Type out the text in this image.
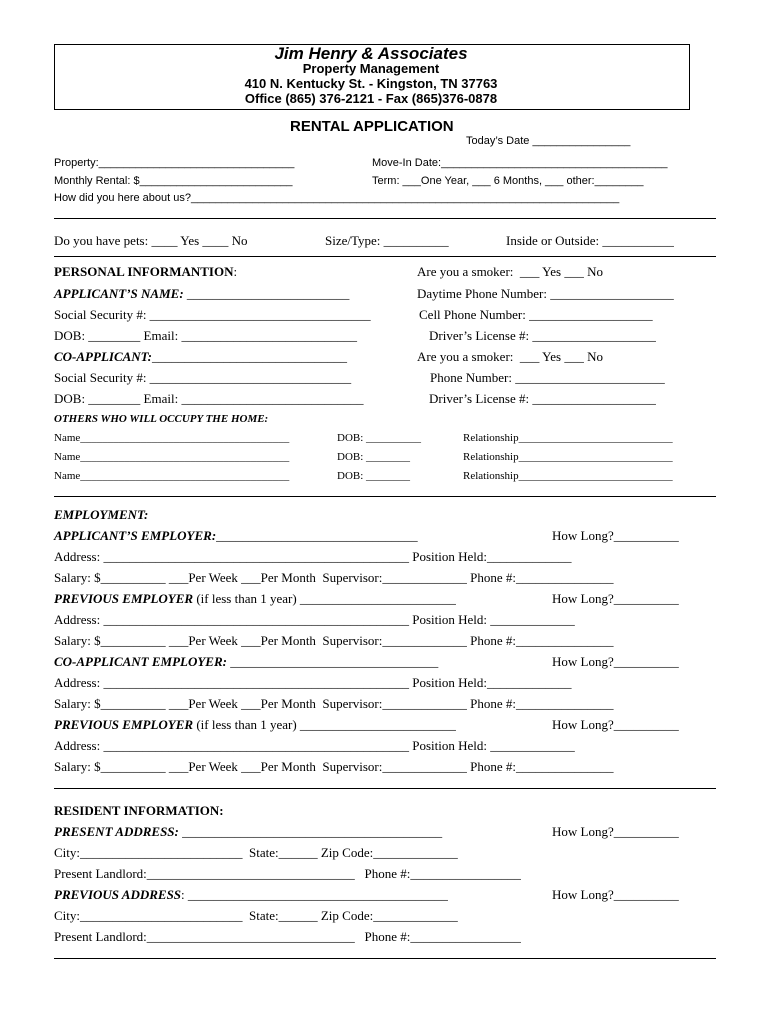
Jim Henry & Associates
Property Management
410 N. Kentucky St. - Kingston, TN 37763
Office (865) 376-2121 - Fax (865)376-0878
RENTAL APPLICATION
Today’s Date ________________
Property:________________________________	Move-In Date:_____________________________________
Monthly Rental: $_________________________	Term: ___One Year, ___ 6 Months, ___ other:________
How did you here about us?______________________________________________________________________
Do you have pets: ____ Yes ____ No	Size/Type: __________	Inside or Outside: ___________
PERSONAL INFORMANTION:	Are you a smoker:  ___ Yes ___ No
APPLICANT’S NAME: _________________________	Daytime Phone Number: ___________________
Social Security #: __________________________________	Cell Phone Number: ___________________
DOB: ________ Email: ___________________________	Driver’s License #: ___________________
CO-APPLICANT:______________________________	Are you a smoker:  ___ Yes ___ No
Social Security #: _______________________________	Phone Number: _______________________
DOB: ________ Email: ____________________________	Driver’s License #: ___________________
OTHERS WHO WILL OCCUPY THE HOME:
Name______________________________________	DOB: __________	Relationship____________________________
Name______________________________________	DOB: ________	Relationship____________________________
Name______________________________________	DOB: ________	Relationship____________________________
EMPLOYMENT:
APPLICANT’S EMPLOYER:_______________________________	How Long?__________
Address: _______________________________________________ Position Held:_____________
Salary: $__________ ___Per Week ___Per Month  Supervisor:_____________ Phone #:_______________
PREVIOUS EMPLOYER (if less than 1 year) ________________________	How Long?__________
Address: _______________________________________________ Position Held: _____________
Salary: $__________ ___Per Week ___Per Month  Supervisor:_____________ Phone #:_______________
CO-APPLICANT EMPLOYER: ________________________________	How Long?__________
Address: _______________________________________________ Position Held:_____________
Salary: $__________ ___Per Week ___Per Month  Supervisor:_____________ Phone #:_______________
PREVIOUS EMPLOYER (if less than 1 year) ________________________	How Long?__________
Address: _______________________________________________ Position Held: _____________
Salary: $__________ ___Per Week ___Per Month  Supervisor:_____________ Phone #:_______________
RESIDENT INFORMATION:
PRESENT ADDRESS: ________________________________________	How Long?__________
City:_________________________  State:______ Zip Code:_____________
Present Landlord:________________________________   Phone #:_________________
PREVIOUS ADDRESS: ________________________________________	How Long?__________
City:_________________________  State:______ Zip Code:_____________
Present Landlord:________________________________   Phone #:_________________
